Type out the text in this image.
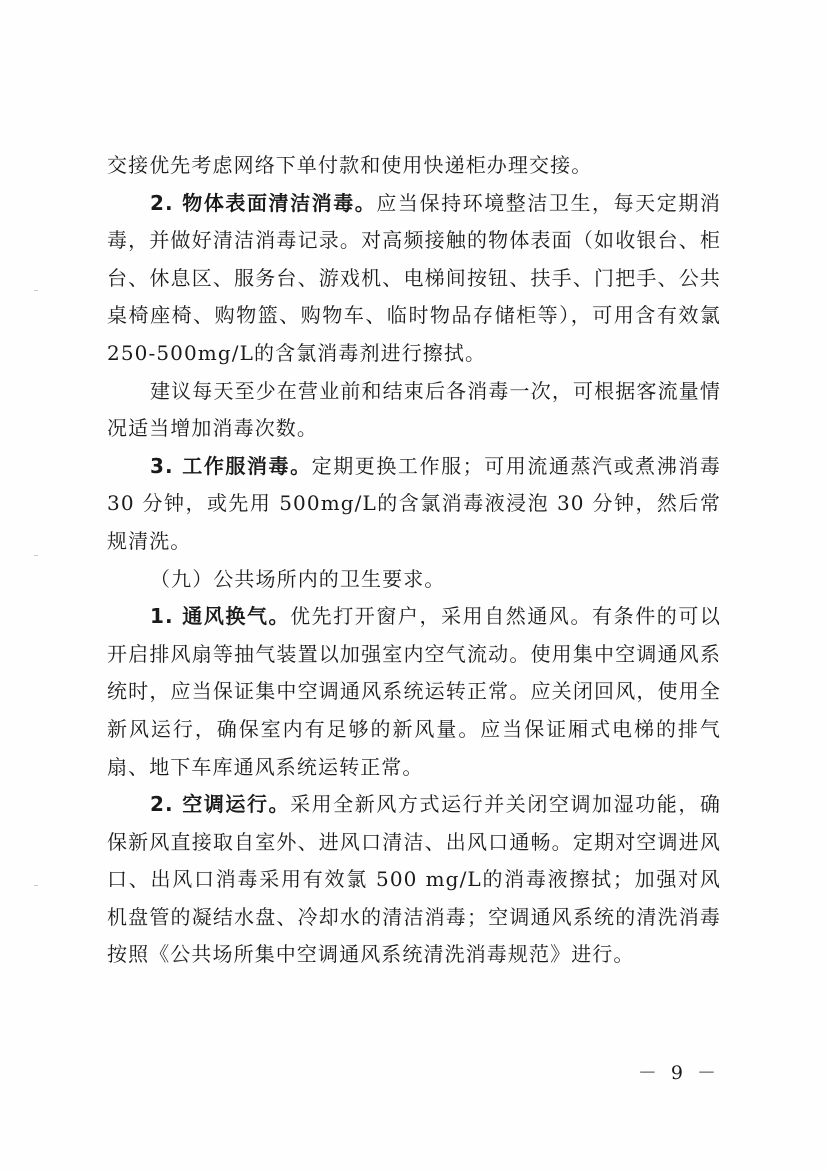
交接优先考虑网络下单付款和使用快递柜办理交接。

2. 物体表面清洁消毒。应当保持环境整洁卫生，每天定期消毒，并做好清洁消毒记录。对高频接触的物体表面（如收银台、柜台、休息区、服务台、游戏机、电梯间按钮、扶手、门把手、公共桌椅座椅、购物篮、购物车、临时物品存储柜等），可用含有效氯 250-500mg/L的含氯消毒剂进行擦拭。

建议每天至少在营业前和结束后各消毒一次，可根据客流量情况适当增加消毒次数。

3. 工作服消毒。定期更换工作服；可用流通蒸汽或煮沸消毒30 分钟，或先用 500mg/L的含氯消毒液浸泡 30 分钟，然后常规清洗。

（九）公共场所内的卫生要求。

1. 通风换气。优先打开窗户，采用自然通风。有条件的可以开启排风扇等抽气装置以加强室内空气流动。使用集中空调通风系统时，应当保证集中空调通风系统运转正常。应关闭回风，使用全新风运行，确保室内有足够的新风量。应当保证厢式电梯的排气扇、地下车库通风系统运转正常。

2. 空调运行。采用全新风方式运行并关闭空调加湿功能，确保新风直接取自室外、进风口清洁、出风口通畅。定期对空调进风口、出风口消毒采用有效氯 500 mg/L的消毒液擦拭；加强对风机盘管的凝结水盘、冷却水的清洁消毒；空调通风系统的清洗消毒按照《公共场所集中空调通风系统清洗消毒规范》进行。

－ 9 －
